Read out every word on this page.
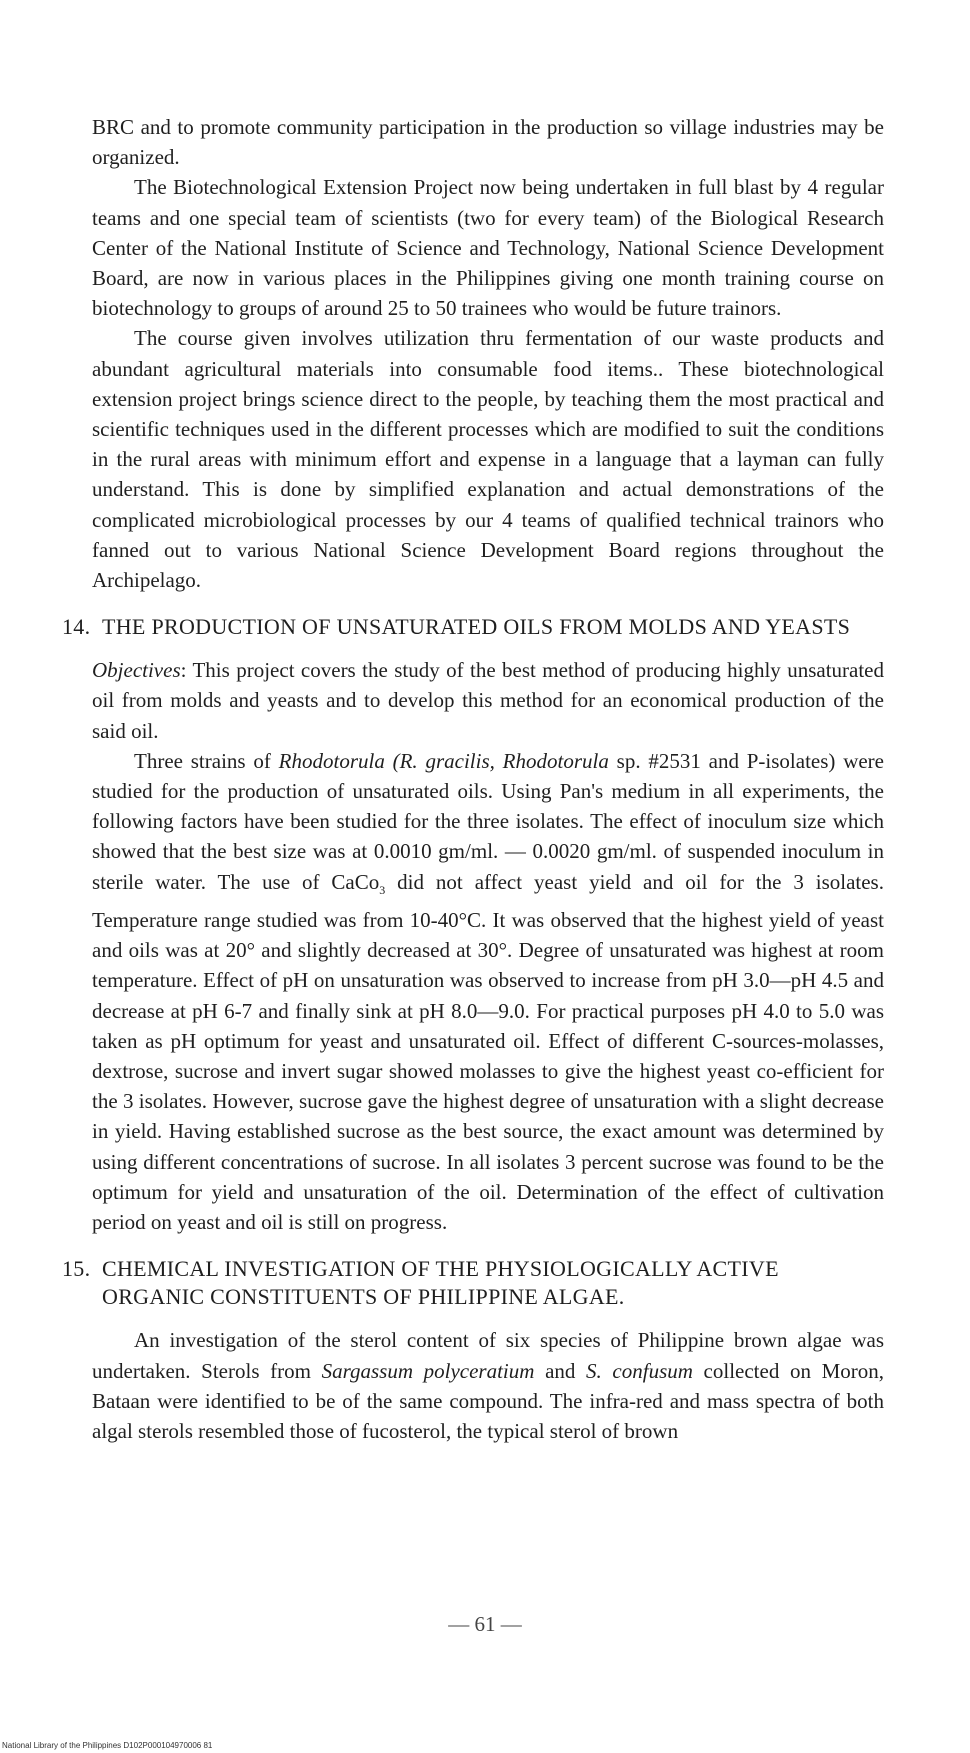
BRC and to promote community participation in the production so village industries may be organized.

The Biotechnological Extension Project now being undertaken in full blast by 4 regular teams and one special team of scientists (two for every team) of the Biological Research Center of the National Institute of Science and Technology, National Science Development Board, are now in various places in the Philippines giving one month training course on biotechnology to groups of around 25 to 50 trainees who would be future trainors.

The course given involves utilization thru fermentation of our waste products and abundant agricultural materials into consumable food items.. These biotechnological extension project brings science direct to the people, by teaching them the most practical and scientific techniques used in the different processes which are modified to suit the conditions in the rural areas with minimum effort and expense in a language that a layman can fully understand. This is done by simplified explanation and actual demonstrations of the complicated microbiological processes by our 4 teams of qualified technical trainors who fanned out to various National Science Development Board regions throughout the Archipelago.

14. THE PRODUCTION OF UNSATURATED OILS FROM MOLDS AND YEASTS

Objectives: This project covers the study of the best method of producing highly unsaturated oil from molds and yeasts and to develop this method for an economical production of the said oil.

Three strains of Rhodotorula (R. gracilis, Rhodotorula sp. #2531 and P-isolates) were studied for the production of unsaturated oils. Using Pan's medium in all experiments, the following factors have been studied for the three isolates. The effect of inoculum size which showed that the best size was at 0.0010 gm/ml. — 0.0020 gm/ml. of suspended inoculum in sterile water. The use of CaCo$_3$ did not affect yeast yield and oil for the 3 isolates. Temperature range studied was from 10-40°C. It was observed that the highest yield of yeast and oils was at 20° and slightly decreased at 30°. Degree of unsaturated was highest at room temperature. Effect of pH on unsaturation was observed to increase from pH 3.0—pH 4.5 and decrease at pH 6-7 and finally sink at pH 8.0—9.0. For practical purposes pH 4.0 to 5.0 was taken as pH optimum for yeast and unsaturated oil. Effect of different C-sources-molasses, dextrose, sucrose and invert sugar showed molasses to give the highest yeast co-efficient for the 3 isolates. However, sucrose gave the highest degree of unsaturation with a slight decrease in yield. Having established sucrose as the best source, the exact amount was determined by using different concentrations of sucrose. In all isolates 3 percent sucrose was found to be the optimum for yield and unsaturation of the oil. Determination of the effect of cultivation period on yeast and oil is still on progress.

15. CHEMICAL INVESTIGATION OF THE PHYSIOLOGICALLY ACTIVE ORGANIC CONSTITUENTS OF PHILIPPINE ALGAE.

An investigation of the sterol content of six species of Philippine brown algae was undertaken. Sterols from Sargassum polyceratium and S. confusum collected on Moron, Bataan were identified to be of the same compound. The infra-red and mass spectra of both algal sterols resembled those of fucosterol, the typical sterol of brown

— 61 —
National Library of the Philippines D102P000104970006 81
